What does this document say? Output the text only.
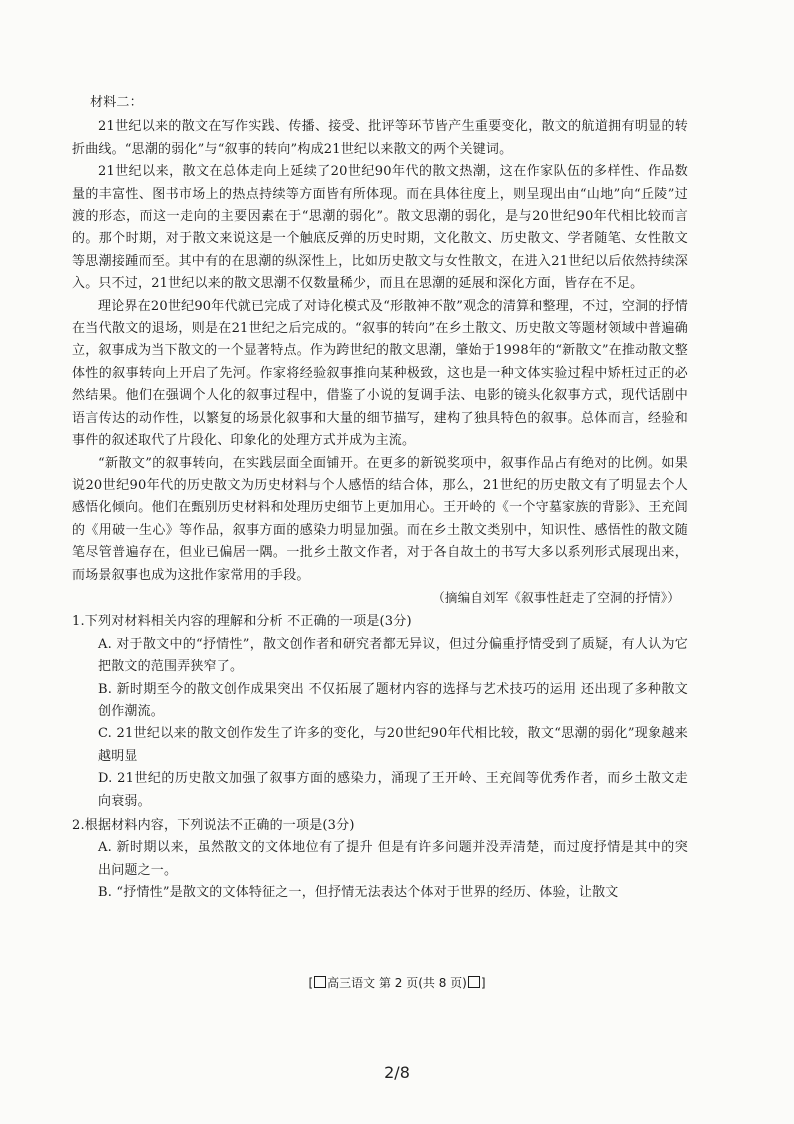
材料二：

21世纪以来的散文在写作实践、传播、接受、批评等环节皆产生重要变化，散文的航道拥有明显的转折曲线。“思潮的弱化”与“叙事的转向”构成21世纪以来散文的两个关键词。

21世纪以来，散文在总体走向上延续了20世纪90年代的散文热潮，这在作家队伍的多样性、作品数量的丰富性、图书市场上的热点持续等方面皆有所体现。而在具体往度上，则呈现出由“山地”向“丘陵”过渡的形态，而这一走向的主要因素在于“思潮的弱化”。散文思潮的弱化，是与20世纪90年代相比较而言的。那个时期，对于散文来说这是一个触底反弹的历史时期，文化散文、历史散文、学者随笔、女性散文等思潮接踵而至。其中有的在思潮的纵深性上，比如历史散文与女性散文，在进入21世纪以后依然持续深入。只不过，21世纪以来的散文思潮不仅数量稀少，而且在思潮的延展和深化方面，皆存在不足。

理论界在20世纪90年代就已完成了对诗化模式及“形散神不散”观念的清算和整理，不过，空洞的抒情在当代散文的退场，则是在21世纪之后完成的。“叙事的转向”在乡土散文、历史散文等题材领域中普遍确立，叙事成为当下散文的一个显著特点。作为跨世纪的散文思潮，肇始于1998年的“新散文”在推动散文整体性的叙事转向上开启了先河。作家将经验叙事推向某种极致，这也是一种文体实验过程中矫枉过正的必然结果。他们在强调个人化的叙事过程中，借鉴了小说的复调手法、电影的镜头化叙事方式，现代话剧中语言传达的动作性，以繁复的场景化叙事和大量的细节描写，建构了独具特色的叙事。总体而言，经验和事件的叙述取代了片段化、印象化的处理方式并成为主流。

“新散文”的叙事转向，在实践层面全面铺开。在更多的新锐奖项中，叙事作品占有绝对的比例。如果说20世纪90年代的历史散文为历史材料与个人感悟的结合体，那么，21世纪的历史散文有了明显去个人感悟化倾向。他们在甄别历史材料和处理历史细节上更加用心。王开岭的《一个守墓家族的背影》、王充闾的《用破一生心》等作品，叙事方面的感染力明显加强。而在乡土散文类别中，知识性、感悟性的散文随笔尽管普遍存在，但业已偏居一隅。一批乡土散文作者，对于各自故土的书写大多以系列形式展现出来，而场景叙事也成为这批作家常用的手段。

（摘编自刘军《叙事性赶走了空洞的抒情》）
1.下列对材料相关内容的理解和分析 不正确的一项是(3分)
A. 对于散文中的“抒情性”，散文创作者和研究者都无异议，但过分偏重抒情受到了质疑，有人认为它把散文的范围弄狭窄了。
B. 新时期至今的散文创作成果突出 不仅拓展了题材内容的选择与艺术技巧的运用 还出现了多种散文创作潮流。
C. 21世纪以来的散文创作发生了许多的变化，与20世纪90年代相比较，散文“思潮的弱化”现象越来越明显
D. 21世纪的历史散文加强了叙事方面的感染力，涌现了王开岭、王充闾等优秀作者，而乡土散文走向衰弱。
2.根据材料内容，下列说法不正确的一项是(3分)
A. 新时期以来，虽然散文的文体地位有了提升 但是有许多问题并没弄清楚，而过度抒情是其中的突出问题之一。
B. “抒情性”是散文的文体特征之一，但抒情无法表达个体对于世界的经历、体验，让散文
[ 高三语文 第 2 页(共 8 页) ]
2/8
